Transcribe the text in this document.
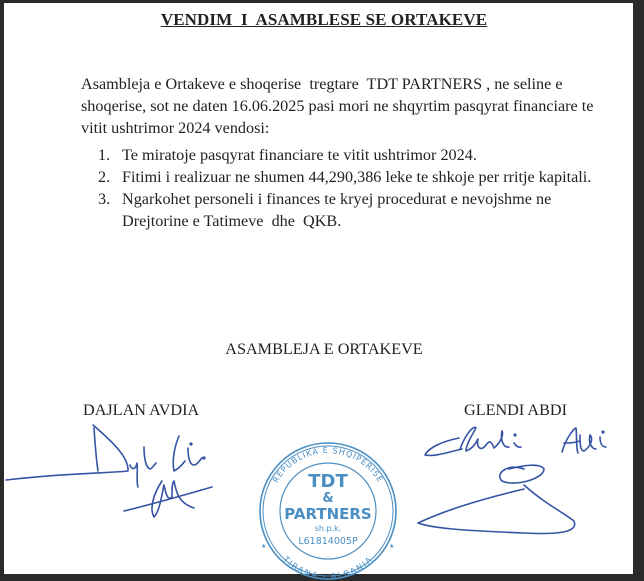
VENDIM  I  ASAMBLESE SE ORTAKEVE
Asambleja e Ortakeve e shoqerise  tregtare  TDT PARTNERS , ne seline e
shoqerise, sot ne daten 16.06.2025 pasi mori ne shqyrtim pasqyrat financiare te
vitit ushtrimor 2024 vendosi:
1. Te miratoje pasqyrat financiare te vitit ushtrimor 2024.
2. Fitimi i realizuar ne shumen 44,290,386 leke te shkoje per rritje kapitali.
3. Ngarkohet personeli i finances te kryej procedurat e nevojshme ne
Drejtorine e Tatimeve  dhe  QKB.
ASAMBLEJA E ORTAKEVE
DAJLAN AVDIA	GLENDI ABDI
REPUBLIKA E SHQIPERISE
TIRANA - ALBANIA
★	★
TDT
&
PARTNERS
sh.p.k.
L61814005P
